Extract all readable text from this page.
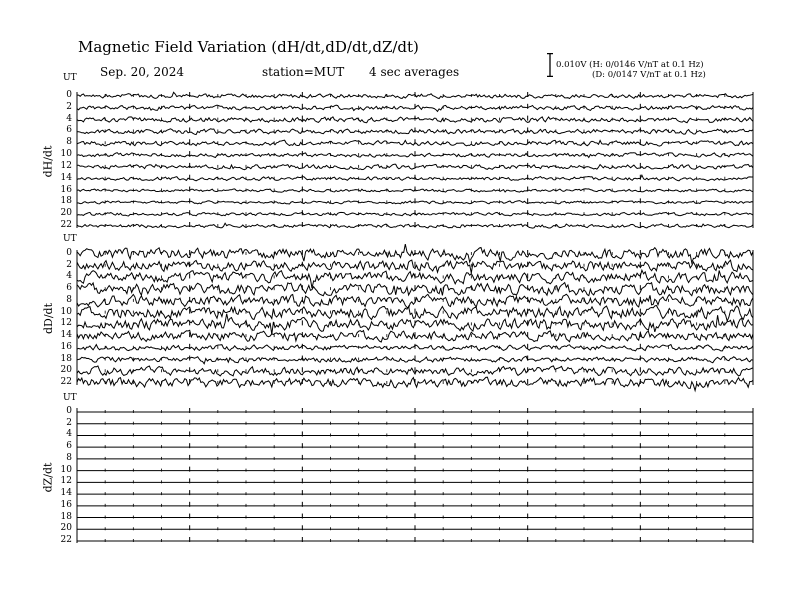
Magnetic Field Variation (dH/dt,dD/dt,dZ/dt)
Sep. 20, 2024	station=MUT 4 sec averages	0.010V (H: 0/0146 V/nT at 0.1 Hz)
(D: 0/0147 V/nT at 0.1 Hz)
UT
dH/dt
0
2
4
6
8
10
12
14
16
18
20
22
UT
dD/dt
0
2
4
6
8
10
12
14
16
18
20
22
UT
dZ/dt
0
2
4
6
8
10
12
14
16
18
20
22
